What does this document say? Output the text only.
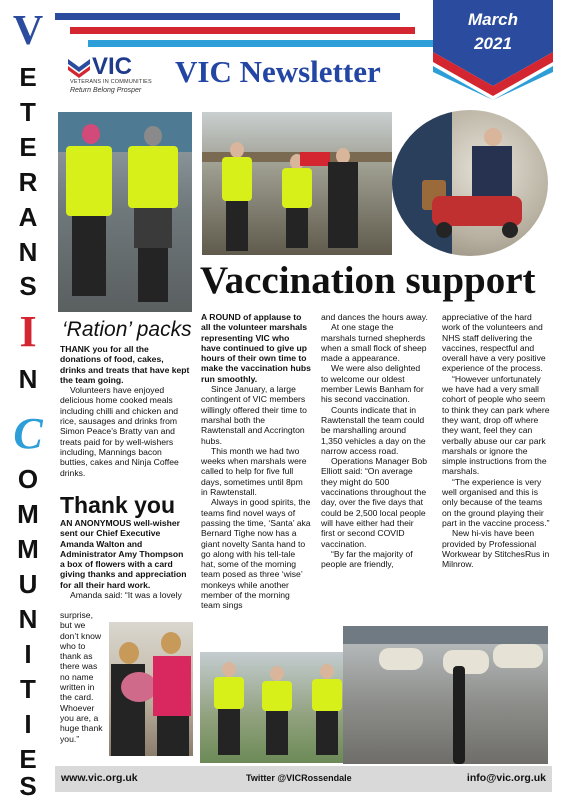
V
E
T
E
R
A
N
S
I
N
C
O
M
M
U
N
I
T
I
E
S
March
2021
VIC
VETERANS IN COMMUNITIES
Return Belong Prosper
VIC Newsletter
Vaccination support
‘Ration’ packs
Thank you

THANK you for all the donations of food, cakes, drinks and treats that have kept the team going.

Volunteers have enjoyed delicious home cooked meals including chilli and chicken and rice, sausages and drinks from Simon Peace’s Bratty van and treats paid for by well-wishers including, Mannings bacon butties, cakes and Ninja Coffee drinks.

AN ANONYMOUS well-wisher sent our Chief Executive Amanda Walton and Administrator Amy Thompson a box of flowers with a card giving thanks and appreciation for all their hard work.

Amanda said: “It was a lovely

surprise, but we don’t know who to thank as there was no name written in the card. Whoever you are, a huge thank you.”

A ROUND of applause to all the volunteer marshals representing VIC who have continued to give up hours of their own time to make the vaccination hubs run smoothly.

Since January, a large contingent of VIC members willingly offered their time to marshal both the Rawtenstall and Accrington hubs.

This month we had two weeks when marshals were called to help for five full days, sometimes until 8pm in Rawtenstall.

Always in good spirits, the teams find novel ways of passing the time, ‘Santa’ aka Bernard Tighe now has a giant novelty Santa hand to go along with his tell-tale hat, some of the morning team posed as three ‘wise’ monkeys while another member of the morning team sings

and dances the hours away.

At one stage the marshals turned shepherds when a small flock of sheep made a appearance.

We were also delighted to welcome our oldest member Lewis Banham for his second vaccination.

Counts indicate that in Rawtenstall the team could be marshalling around 1,350 vehicles a day on the narrow access road.

Operations Manager Bob Elliott said: “On average they might do 500 vaccinations throughout the day, over the five days that could be 2,500 local people will have either had their first or second COVID vaccination.

“By far the majority of people are friendly,

appreciative of the hard work of the volunteers and NHS staff delivering the vaccines, respectful and overall have a very positive experience of the process.

“However unfortunately we have had a very small cohort of people who seem to think they can park where they want, drop off where they want, feel they can verbally abuse our car park marshals or ignore the simple instructions from the marshals.

“The experience is very well organised and this is only because of the teams on the ground playing their part in the vaccine process.”

New hi-vis have been provided by Professional Workwear by StitchesRus in Milnrow.

www.vic.org.uk	Twitter @VICRossendale	info@vic.org.uk
